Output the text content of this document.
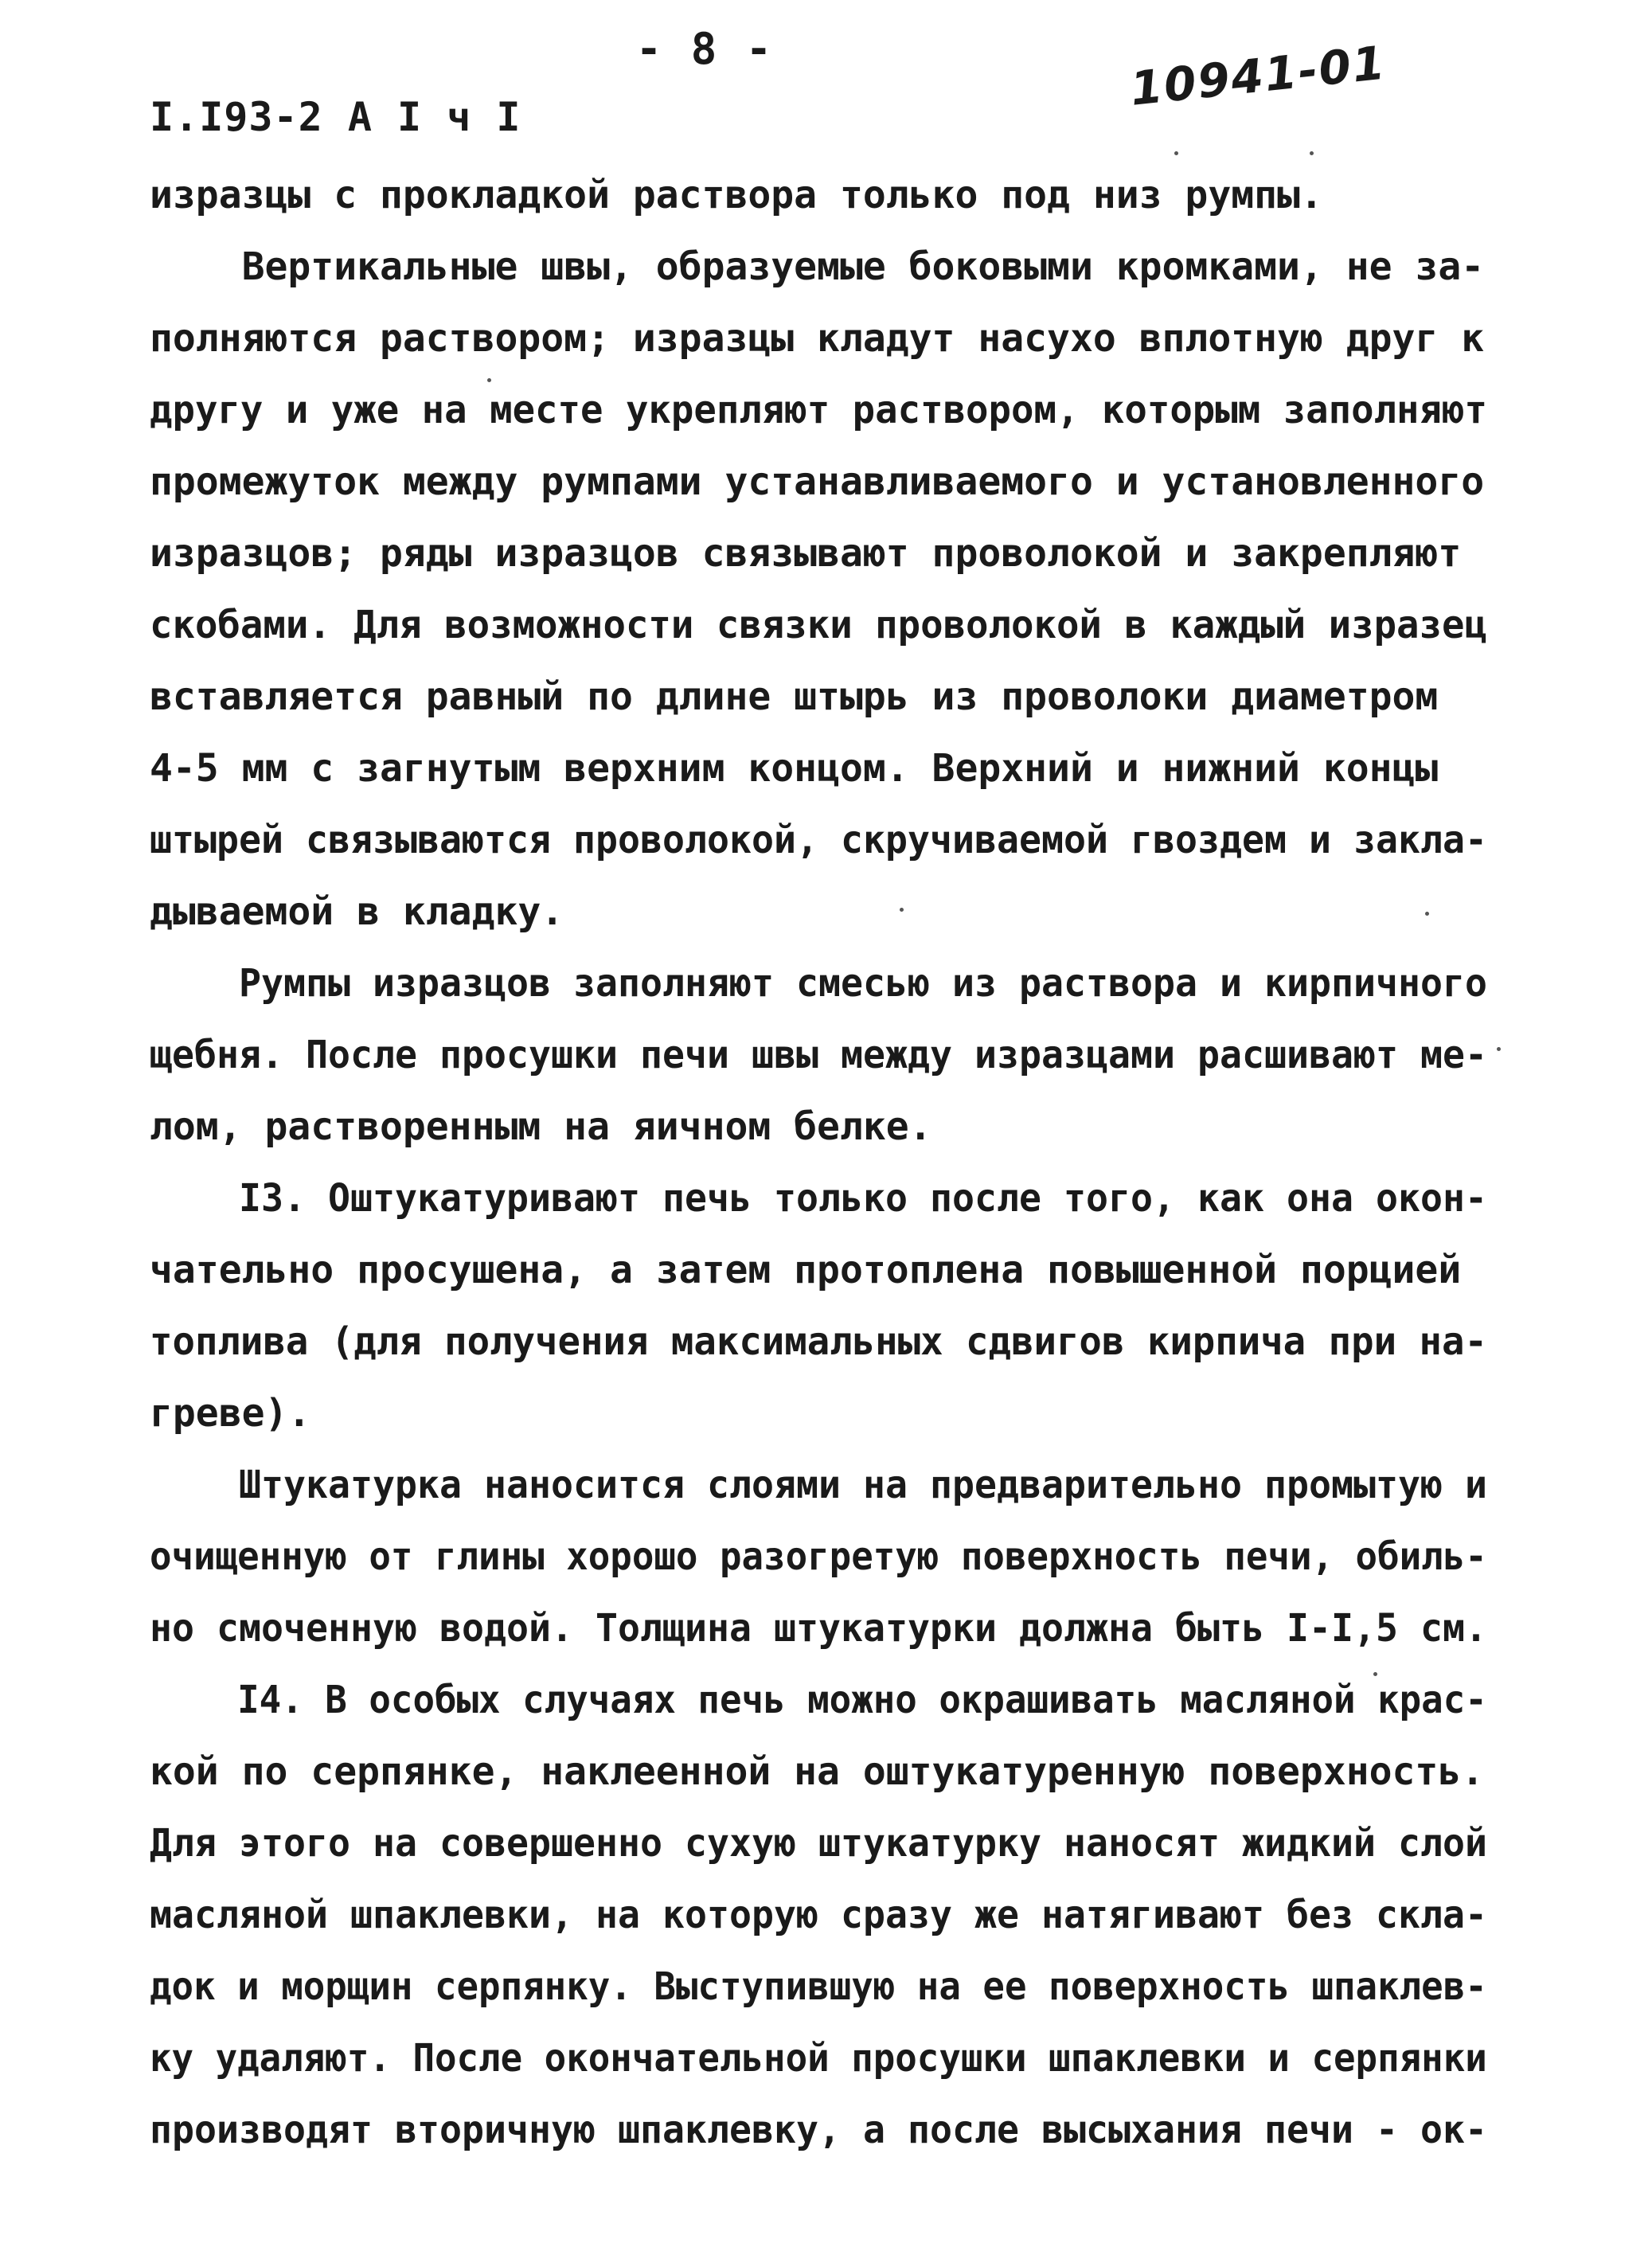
- 8 -
I.I93-2 А I ч I
10941-01
изразцы с прокладкой раствора только под низ румпы.
Вертикальные швы, образуемые боковыми кромками, не за-
полняются раствором; изразцы кладут насухо вплотную друг к
другу и уже на месте укрепляют раствором, которым заполняют
промежуток между румпами устанавливаемого и установленного
изразцов; ряды изразцов связывают проволокой и закрепляют
скобами. Для возможности связки проволокой в каждый изразец
вставляется равный по длине штырь из проволоки диаметром
4-5 мм с загнутым верхним концом. Верхний и нижний концы
штырей связываются проволокой, скручиваемой гвоздем и закла-
дываемой в кладку.
Румпы изразцов заполняют смесью из раствора и кирпичного
щебня. После просушки печи швы между изразцами расшивают ме-
лом, растворенным на яичном белке.
I3. Оштукатуривают печь только после того, как она окон-
чательно просушена, а затем протоплена повышенной порцией
топлива (для получения максимальных сдвигов кирпича при на-
греве).
Штукатурка наносится слоями на предварительно промытую и
очищенную от глины хорошо разогретую поверхность печи, обиль-
но смоченную водой. Толщина штукатурки должна быть I-I,5 см.
I4. В особых случаях печь можно окрашивать масляной крас-
кой по серпянке, наклеенной на оштукатуренную поверхность.
Для этого на совершенно сухую штукатурку наносят жидкий слой
масляной шпаклевки, на которую сразу же натягивают без скла-
док и морщин серпянку. Выступившую на ее поверхность шпаклев-
ку удаляют. После окончательной просушки шпаклевки и серпянки
производят вторичную шпаклевку, а после высыхания печи - ок-
